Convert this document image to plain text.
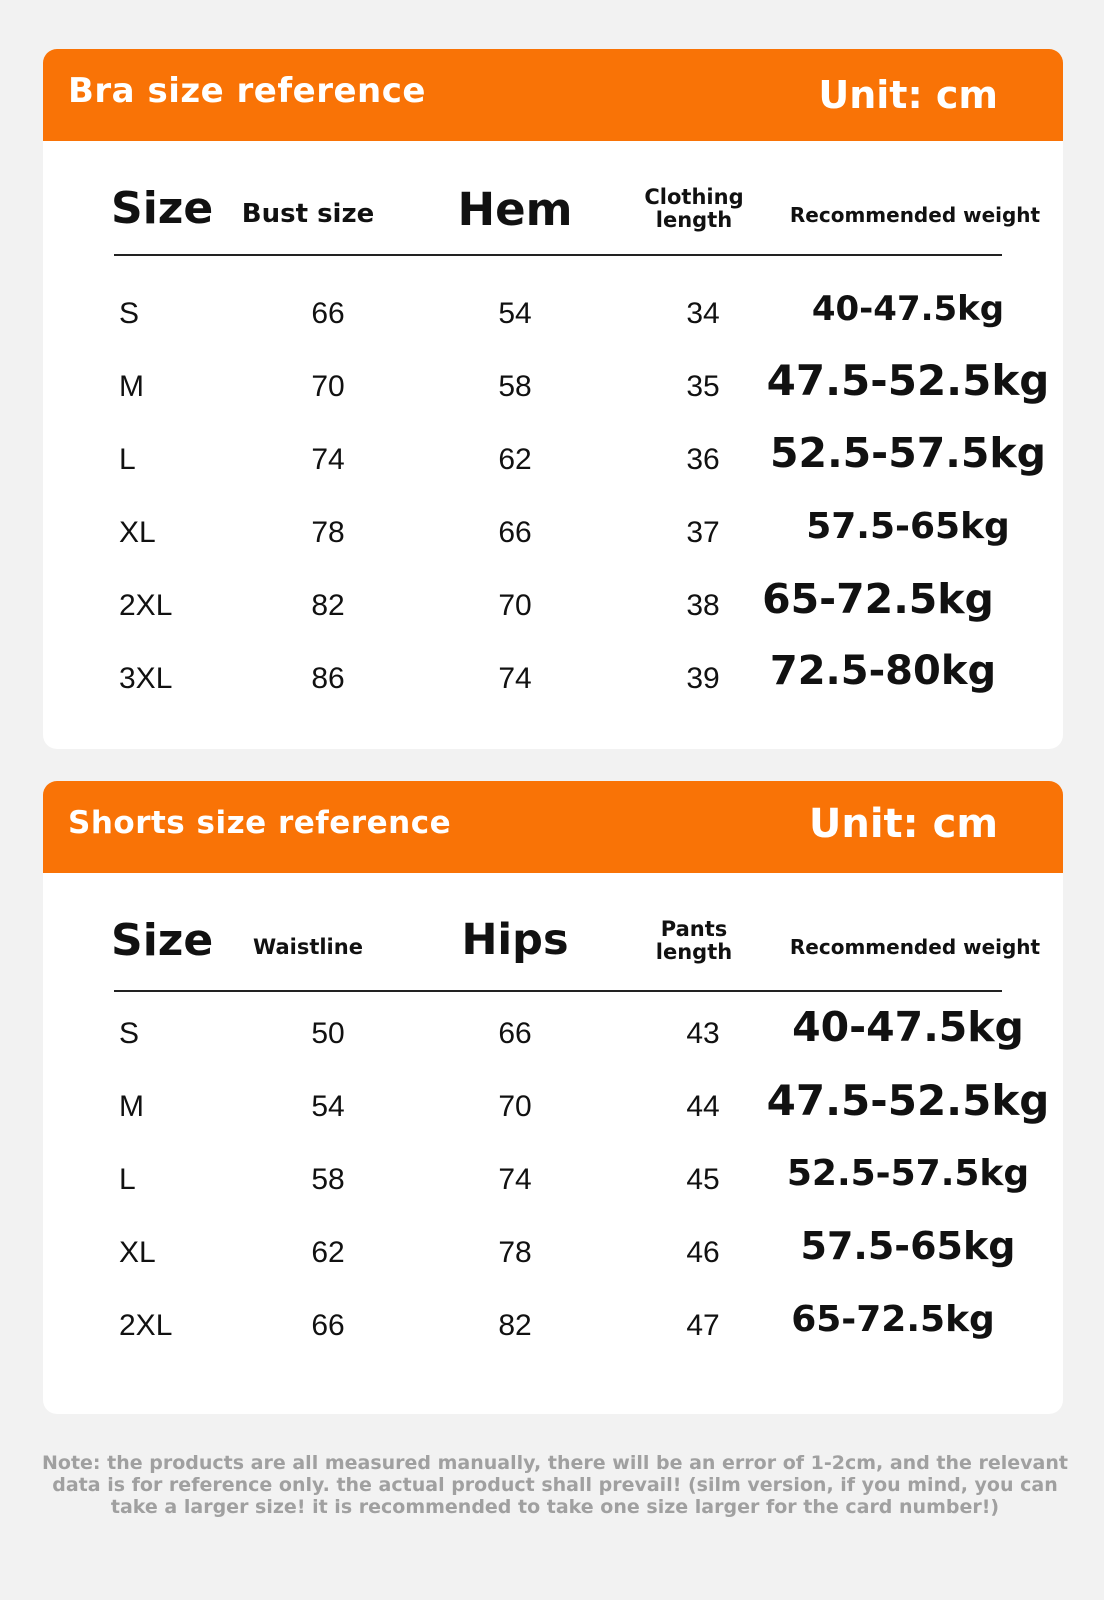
Bra size reference	Unit: cm
Size	Bust size	Hem	Clothing length	Recommended weight
S	66	54	34	40-47.5kg
M	70	58	35	47.5-52.5kg
L	74	62	36	52.5-57.5kg
XL	78	66	37	57.5-65kg
2XL	82	70	38	65-72.5kg
3XL	86	74	39	72.5-80kg
Shorts size reference	Unit: cm
Size	Waistline	Hips	Pants length	Recommended weight
S	50	66	43	40-47.5kg
M	54	70	44	47.5-52.5kg
L	58	74	45	52.5-57.5kg
XL	62	78	46	57.5-65kg
2XL	66	82	47	65-72.5kg
Note: the products are all measured manually, there will be an error of 1-2cm, and the relevant data is for reference only. the actual product shall prevail! (silm version, if you mind, you can take a larger size! it is recommended to take one size larger for the card number!)
